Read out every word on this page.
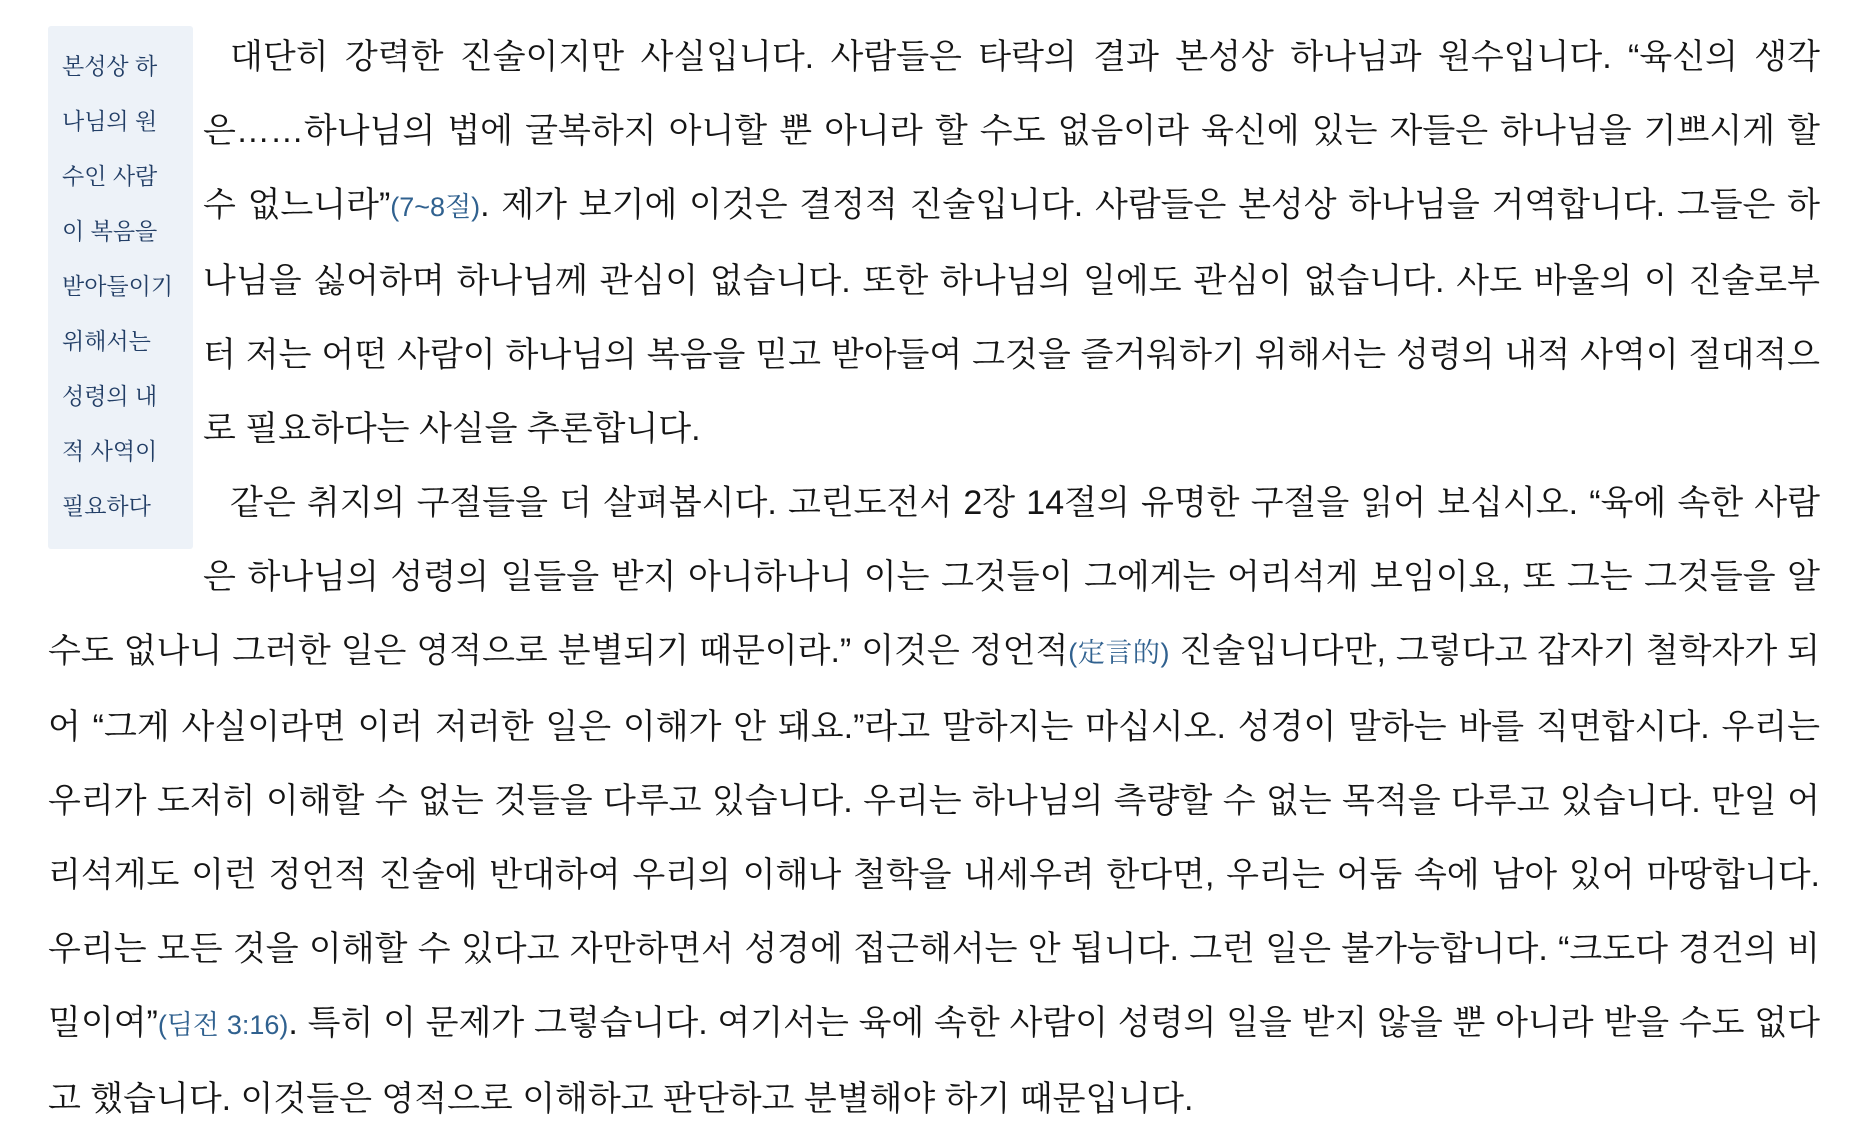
본성상 하나님의 원수인 사람이 복음을 받아들이기 위해서는 성령의 내적 사역이 필요하다

대단히 강력한 진술이지만 사실입니다. 사람들은 타락의 결과 본성상 하나님과 원수입니다. “육신의 생각은……하나님의 법에 굴복하지 아니할 뿐 아니라 할 수도 없음이라 육신에 있는 자들은 하나님을 기쁘시게 할 수 없느니라”(7~8절). 제가 보기에 이것은 결정적 진술입니다. 사람들은 본성상 하나님을 거역합니다. 그들은 하나님을 싫어하며 하나님께 관심이 없습니다. 또한 하나님의 일에도 관심이 없습니다. 사도 바울의 이 진술로부터 저는 어떤 사람이 하나님의 복음을 믿고 받아들여 그것을 즐거워하기 위해서는 성령의 내적 사역이 절대적으로 필요하다는 사실을 추론합니다.

같은 취지의 구절들을 더 살펴봅시다. 고린도전서 2장 14절의 유명한 구절을 읽어 보십시오. “육에 속한 사람은 하나님의 성령의 일들을 받지 아니하나니 이는 그것들이 그에게는 어리석게 보임이요, 또 그는 그것들을 알 수도 없나니 그러한 일은 영적으로 분별되기 때문이라.” 이것은 정언적(定言的) 진술입니다만, 그렇다고 갑자기 철학자가 되어 “그게 사실이라면 이러 저러한 일은 이해가 안 돼요.”라고 말하지는 마십시오. 성경이 말하는 바를 직면합시다. 우리는 우리가 도저히 이해할 수 없는 것들을 다루고 있습니다. 우리는 하나님의 측량할 수 없는 목적을 다루고 있습니다. 만일 어리석게도 이런 정언적 진술에 반대하여 우리의 이해나 철학을 내세우려 한다면, 우리는 어둠 속에 남아 있어 마땅합니다. 우리는 모든 것을 이해할 수 있다고 자만하면서 성경에 접근해서는 안 됩니다. 그런 일은 불가능합니다. “크도다 경건의 비밀이여”(딤전 3:16). 특히 이 문제가 그렇습니다. 여기서는 육에 속한 사람이 성령의 일을 받지 않을 뿐 아니라 받을 수도 없다고 했습니다. 이것들은 영적으로 이해하고 판단하고 분별해야 하기 때문입니다.
